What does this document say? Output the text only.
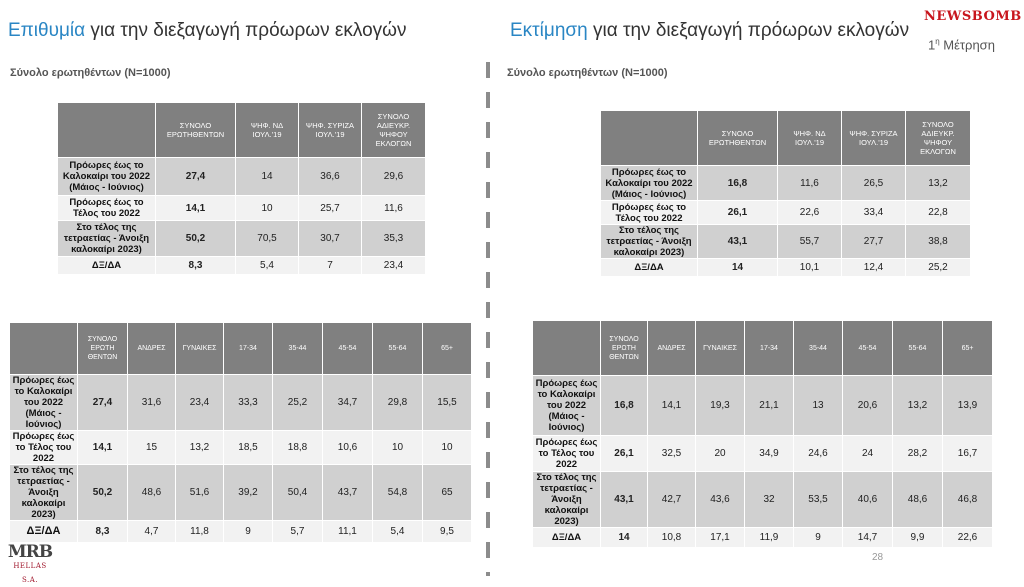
Επιθυμία για την διεξαγωγή πρόωρων εκλογών
Σύνολο ερωτηθέντων (N=1000)
Εκτίμηση για την διεξαγωγή πρόωρων εκλογών
Σύνολο ερωτηθέντων (N=1000)
NEWSBOMB
$1^\eta$ Μέτρηση
	ΣΥΝΟΛΟ ΕΡΩΤΗΘΕΝΤΩΝ	ΨΗΦ. ΝΔ ΙΟΥΛ.'19	ΨΗΦ. ΣΥΡΙΖΑ ΙΟΥΛ.'19	ΣΥΝΟΛΟ ΑΔΙΕΥΚΡ. ΨΗΦΟΥ ΕΚΛΟΓΩΝ
Πρόωρες έως το Καλοκαίρι του 2022 (Μάιος - Ιούνιος)	27,4	14	36,6	29,6
Πρόωρες έως το Τέλος του 2022	14,1	10	25,7	11,6
Στο τέλος της τετραετίας - Άνοιξη καλοκαίρι 2023)	50,2	70,5	30,7	35,3
ΔΞ/ΔΑ	8,3	5,4	7	23,4
	ΣΥΝΟΛΟ ΕΡΩΤΗΘΕΝΤΩΝ	ΨΗΦ. ΝΔ ΙΟΥΛ.'19	ΨΗΦ. ΣΥΡΙΖΑ ΙΟΥΛ.'19	ΣΥΝΟΛΟ ΑΔΙΕΥΚΡ. ΨΗΦΟΥ ΕΚΛΟΓΩΝ
Πρόωρες έως το Καλοκαίρι του 2022 (Μάιος - Ιούνιος)	16,8	11,6	26,5	13,2
Πρόωρες έως το Τέλος του 2022	26,1	22,6	33,4	22,8
Στο τέλος της τετραετίας - Άνοιξη καλοκαίρι 2023)	43,1	55,7	27,7	38,8
ΔΞ/ΔΑ	14	10,1	12,4	25,2
	ΣΥΝΟΛΟ ΕΡΩΤΗ ΘΕΝΤΩΝ	ΑΝΔΡΕΣ	ΓΥΝΑΙΚΕΣ	17-34	35-44	45-54	55-64	65+
Πρόωρες έως το Καλοκαίρι του 2022 (Μάιος - Ιούνιος)	27,4	31,6	23,4	33,3	25,2	34,7	29,8	15,5
Πρόωρες έως το Τέλος του 2022	14,1	15	13,2	18,5	18,8	10,6	10	10
Στο τέλος της τετραετίας - Άνοιξη καλοκαίρι 2023)	50,2	48,6	51,6	39,2	50,4	43,7	54,8	65
ΔΞ/ΔΑ	8,3	4,7	11,8	9	5,7	11,1	5,4	9,5
	ΣΥΝΟΛΟ ΕΡΩΤΗ ΘΕΝΤΩΝ	ΑΝΔΡΕΣ	ΓΥΝΑΙΚΕΣ	17-34	35-44	45-54	55-64	65+
Πρόωρες έως το Καλοκαίρι του 2022 (Μάιος - Ιούνιος)	16,8	14,1	19,3	21,1	13	20,6	13,2	13,9
Πρόωρες έως το Τέλος του 2022	26,1	32,5	20	34,9	24,6	24	28,2	16,7
Στο τέλος της τετραετίας - Άνοιξη καλοκαίρι 2023)	43,1	42,7	43,6	32	53,5	40,6	48,6	46,8
ΔΞ/ΔΑ	14	10,8	17,1	11,9	9	14,7	9,9	22,6
MRB
HELLAS S.A.
28
